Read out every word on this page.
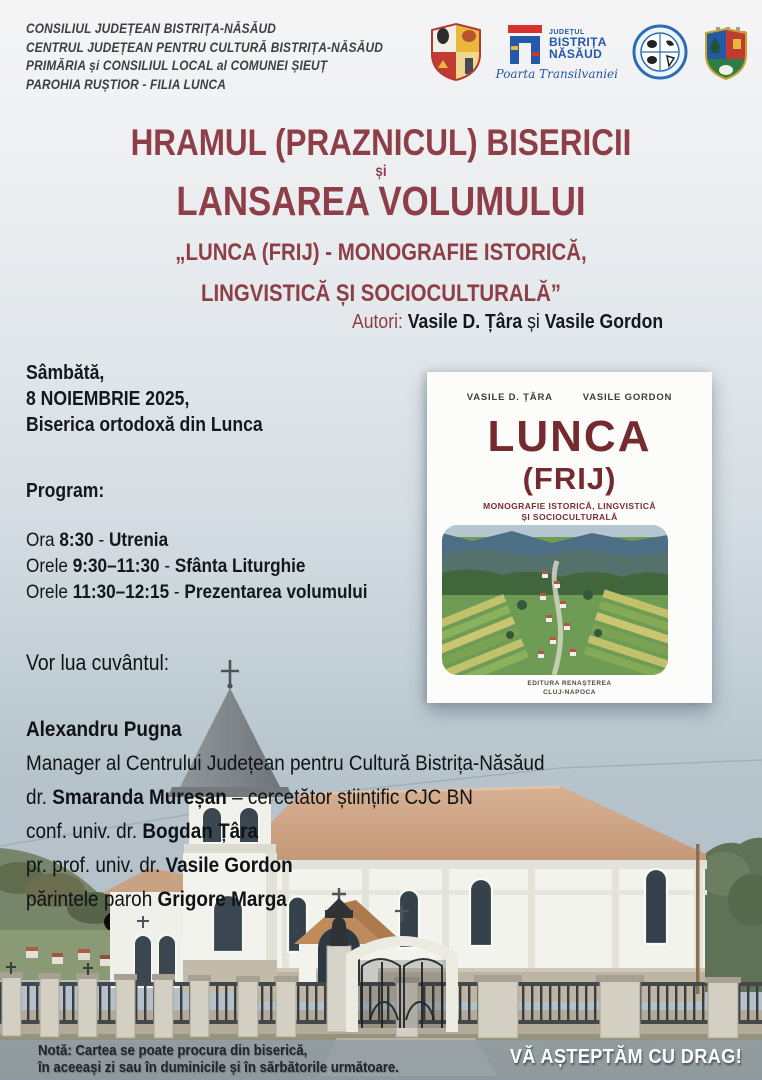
CONSILIUL JUDEȚEAN BISTRIȚA-NĂSĂUD
CENTRUL JUDEȚEAN PENTRU CULTURĂ BISTRIȚA-NĂSĂUD
PRIMĂRIA și CONSILIUL LOCAL al COMUNEI ȘIEUȚ
PAROHIA RUȘTIOR - FILIA LUNCA
JUDEȚUL
BISTRIȚA
NĂSĂUD
Poarta Transilvaniei
HRAMUL (PRAZNICUL) BISERICII
și
LANSAREA VOLUMULUI
„LUNCA (FRIJ) - MONOGRAFIE ISTORICĂ,
LINGVISTICĂ ȘI SOCIOCULTURALĂ”
Autori: Vasile D. Țâra și Vasile Gordon
Sâmbătă,
8 NOIEMBRIE 2025,
Biserica ortodoxă din Lunca
Program:
Ora 8:30 - Utrenia
Orele 9:30–11:30 - Sfânta Liturghie
Orele 11:30–12:15 - Prezentarea volumului
Vor lua cuvântul:
Alexandru Pugna
Manager al Centrului Județean pentru Cultură Bistrița-Năsăud
dr. Smaranda Mureșan – cercetător științific CJC BN
conf. univ. dr. Bogdan Țâra
pr. prof. univ. dr. Vasile Gordon
părintele paroh Grigore Marga
VASILE D. ȚÂRA	VASILE GORDON
LUNCA
(FRIJ)
MONOGRAFIE ISTORICĂ, LINGVISTICĂ
ȘI SOCIOCULTURALĂ
EDITURA RENAȘTEREA
CLUJ-NAPOCA
Notă: Cartea se poate procura din biserică,
în aceeași zi sau în duminicile și în sărbătorile următoare.	VĂ AȘTEPTĂM CU DRAG!
